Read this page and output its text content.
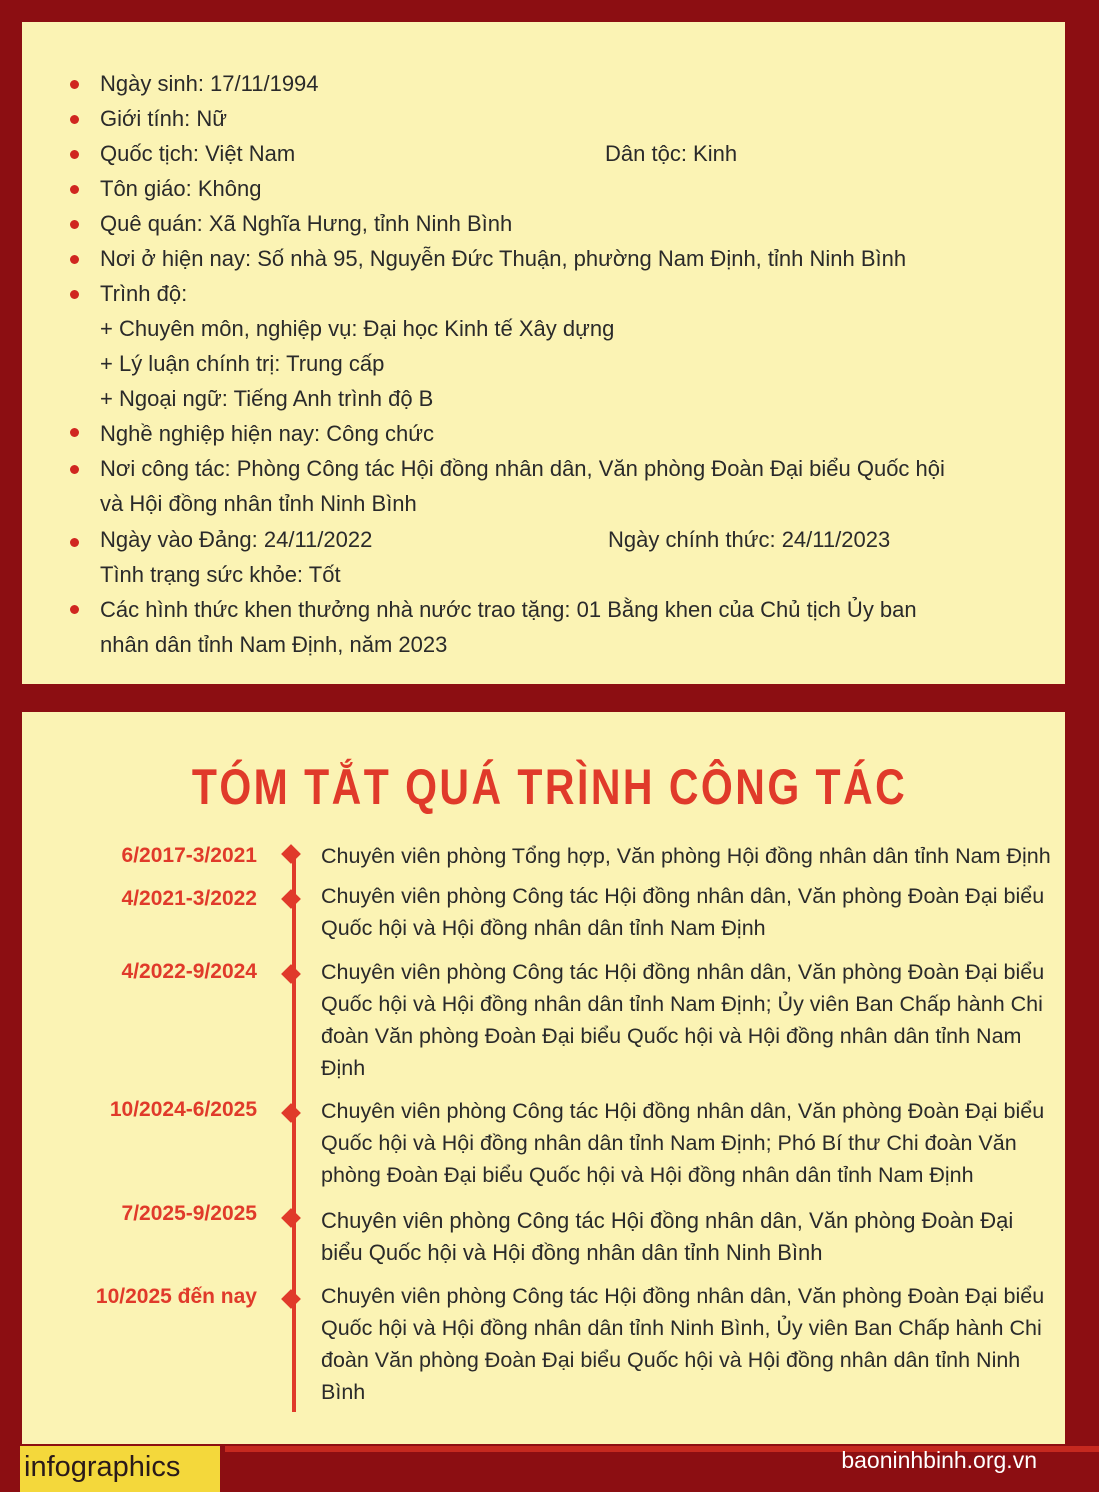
Ngày sinh: 17/11/1994
Giới tính: Nữ
Quốc tịch: Việt Nam	Dân tộc: Kinh
Tôn giáo: Không
Quê quán: Xã Nghĩa Hưng, tỉnh Ninh Bình
Nơi ở hiện nay: Số nhà 95, Nguyễn Đức Thuận, phường Nam Định, tỉnh Ninh Bình
Trình độ:
+ Chuyên môn, nghiệp vụ: Đại học Kinh tế Xây dựng
+ Lý luận chính trị: Trung cấp
+ Ngoại ngữ: Tiếng Anh trình độ B
Nghề nghiệp hiện nay: Công chức
Nơi công tác: Phòng Công tác Hội đồng nhân dân, Văn phòng Đoàn Đại biểu Quốc hội
và Hội đồng nhân tỉnh Ninh Bình
Ngày vào Đảng: 24/11/2022	Ngày chính thức: 24/11/2023
Tình trạng sức khỏe: Tốt
Các hình thức khen thưởng nhà nước trao tặng: 01 Bằng khen của Chủ tịch Ủy ban
nhân dân tỉnh Nam Định, năm 2023
TÓM TẮT QUÁ TRÌNH CÔNG TÁC
6/2017-3/2021	Chuyên viên phòng Tổng hợp, Văn phòng Hội đồng nhân dân tỉnh Nam Định
4/2021-3/2022	Chuyên viên phòng Công tác Hội đồng nhân dân, Văn phòng Đoàn Đại biểu Quốc hội và Hội đồng nhân dân tỉnh Nam Định
4/2022-9/2024	Chuyên viên phòng Công tác Hội đồng nhân dân, Văn phòng Đoàn Đại biểu Quốc hội và Hội đồng nhân dân tỉnh Nam Định; Ủy viên Ban Chấp hành Chi đoàn Văn phòng Đoàn Đại biểu Quốc hội và Hội đồng nhân dân tỉnh Nam Định
10/2024-6/2025	Chuyên viên phòng Công tác Hội đồng nhân dân, Văn phòng Đoàn Đại biểu Quốc hội và Hội đồng nhân dân tỉnh Nam Định; Phó Bí thư Chi đoàn Văn phòng Đoàn Đại biểu Quốc hội và Hội đồng nhân dân tỉnh Nam Định
7/2025-9/2025	Chuyên viên phòng Công tác Hội đồng nhân dân, Văn phòng Đoàn Đại biểu Quốc hội và Hội đồng nhân dân tỉnh Ninh Bình
10/2025 đến nay	Chuyên viên phòng Công tác Hội đồng nhân dân, Văn phòng Đoàn Đại biểu Quốc hội và Hội đồng nhân dân tỉnh Ninh Bình, Ủy viên Ban Chấp hành Chi đoàn Văn phòng Đoàn Đại biểu Quốc hội và Hội đồng nhân dân tỉnh Ninh Bình
infographics	baoninhbinh.org.vn
